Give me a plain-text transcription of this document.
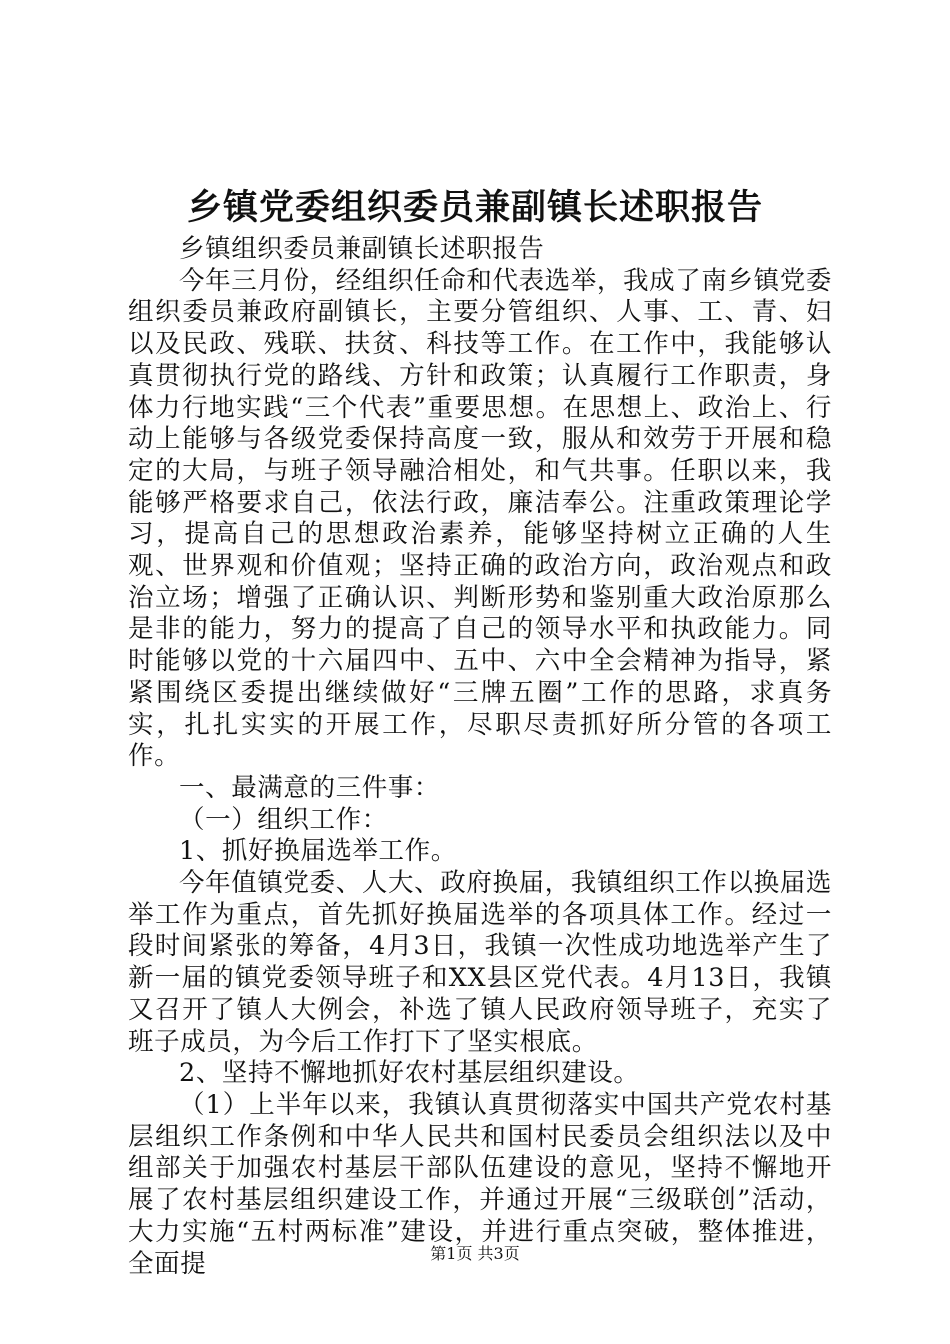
乡镇党委组织委员兼副镇长述职报告

乡镇组织委员兼副镇长述职报告

今年三月份，经组织任命和代表选举，我成了南乡镇党委组织委员兼政府副镇长，主要分管组织、人事、工、青、妇以及民政、残联、扶贫、科技等工作。在工作中，我能够认真贯彻执行党的路线、方针和政策；认真履行工作职责，身体力行地实践“三个代表”重要思想。在思想上、政治上、行动上能够与各级党委保持高度一致，服从和效劳于开展和稳定的大局，与班子领导融洽相处，和气共事。任职以来，我能够严格要求自己，依法行政，廉洁奉公。注重政策理论学习，提高自己的思想政治素养，能够坚持树立正确的人生观、世界观和价值观；坚持正确的政治方向，政治观点和政治立场；增强了正确认识、判断形势和鉴别重大政治原那么是非的能力，努力的提高了自己的领导水平和执政能力。同时能够以党的十六届四中、五中、六中全会精神为指导，紧紧围绕区委提出继续做好“三牌五圈”工作的思路，求真务实，扎扎实实的开展工作，尽职尽责抓好所分管的各项工作。

一、最满意的三件事：

（一）组织工作：

1、抓好换届选举工作。

今年值镇党委、人大、政府换届，我镇组织工作以换届选举工作为重点，首先抓好换届选举的各项具体工作。经过一段时间紧张的筹备，4月3日，我镇一次性成功地选举产生了新一届的镇党委领导班子和XX县区党代表。4月13日，我镇又召开了镇人大例会，补选了镇人民政府领导班子，充实了班子成员，为今后工作打下了坚实根底。

2、坚持不懈地抓好农村基层组织建设。

（1）上半年以来，我镇认真贯彻落实中国共产党农村基层组织工作条例和中华人民共和国村民委员会组织法以及中组部关于加强农村基层干部队伍建设的意见，坚持不懈地开展了农村基层组织建设工作，并通过开展“三级联创”活动，大力实施“五村两标准”建设，并进行重点突破，整体推进，全面提	第1页 共3页
